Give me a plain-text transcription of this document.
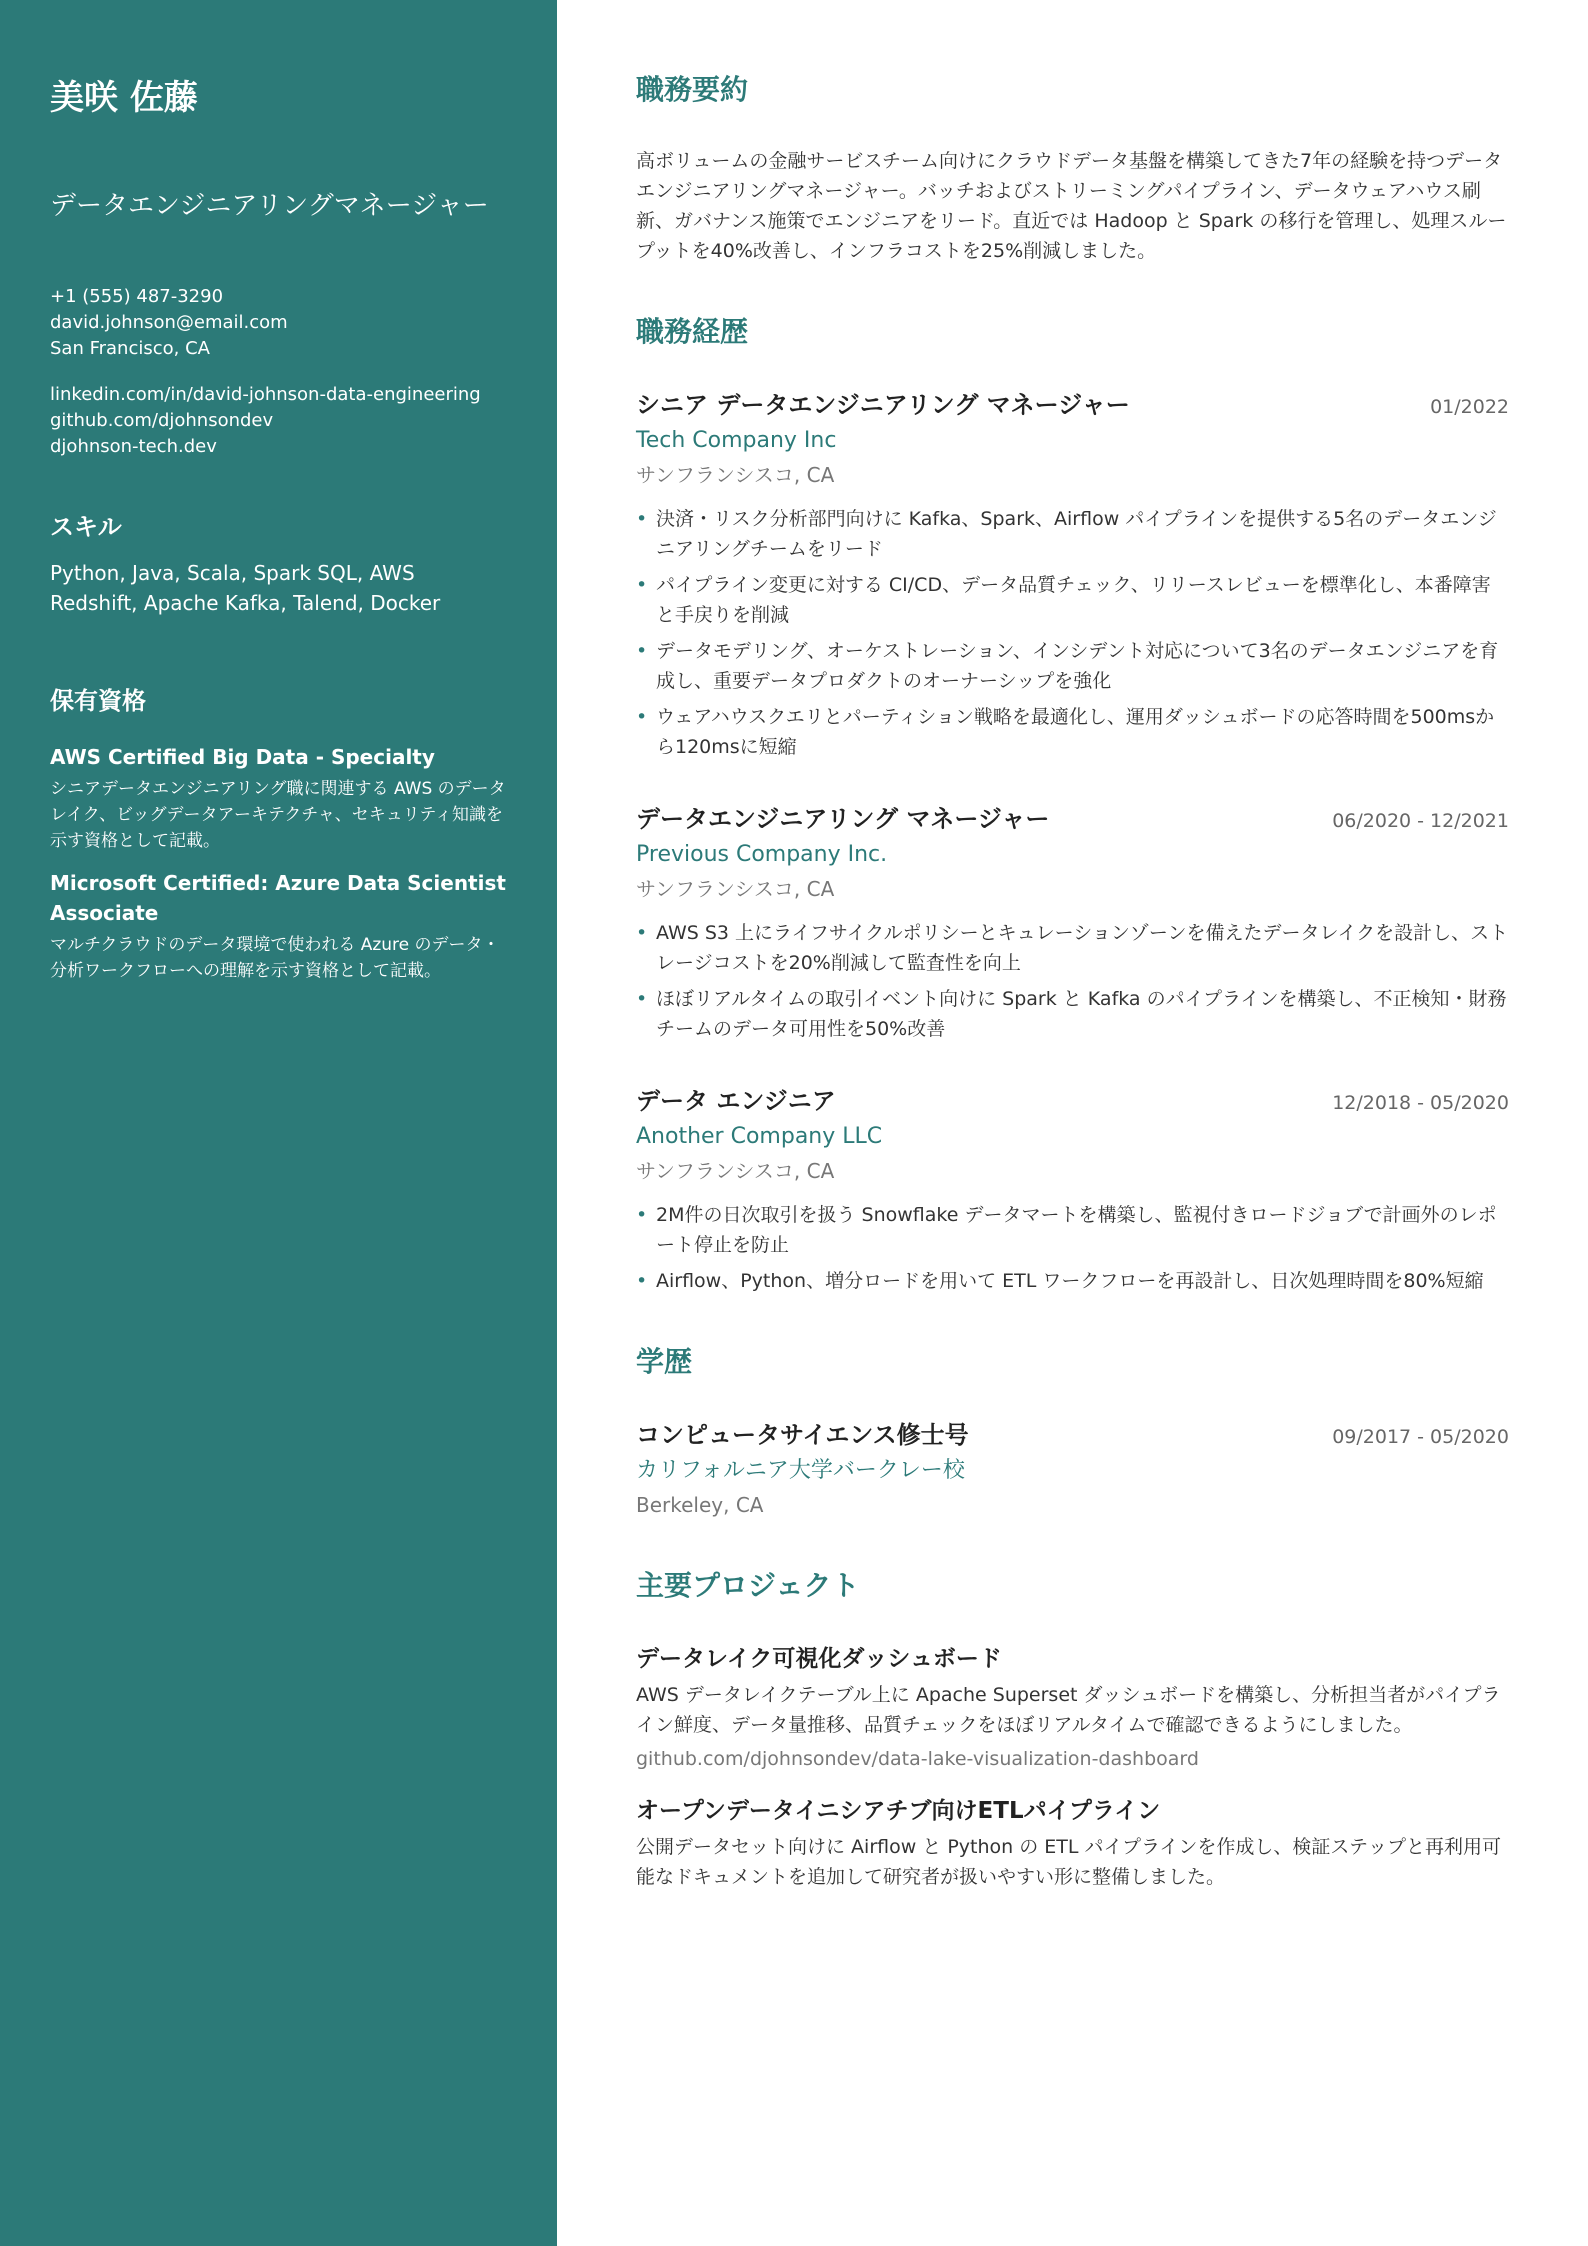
美咲 佐藤
データエンジニアリングマネージャー
+1 (555) 487-3290
david.johnson@email.com
San Francisco, CA
linkedin.com/in/david-johnson-data-engineering
github.com/djohnsondev
djohnson-tech.dev
スキル
Python, Java, Scala, Spark SQL, AWS Redshift, Apache Kafka, Talend, Docker
保有資格
AWS Certified Big Data - Specialty
シニアデータエンジニアリング職に関連する AWS のデータレイク、ビッグデータアーキテクチャ、セキュリティ知識を示す資格として記載。
Microsoft Certified: Azure Data Scientist Associate
マルチクラウドのデータ環境で使われる Azure のデータ・分析ワークフローへの理解を示す資格として記載。
職務要約
高ボリュームの金融サービスチーム向けにクラウドデータ基盤を構築してきた7年の経験を持つデータエンジニアリングマネージャー。バッチおよびストリーミングパイプライン、データウェアハウス刷新、ガバナンス施策でエンジニアをリード。直近では Hadoop と Spark の移行を管理し、処理スループットを40%改善し、インフラコストを25%削減しました。
職務経歴
シニア データエンジニアリング マネージャー	01/2022
Tech Company Inc
サンフランシスコ, CA
• 決済・リスク分析部門向けに Kafka、Spark、Airflow パイプラインを提供する5名のデータエンジニアリングチームをリード
• パイプライン変更に対する CI/CD、データ品質チェック、リリースレビューを標準化し、本番障害と手戻りを削減
• データモデリング、オーケストレーション、インシデント対応について3名のデータエンジニアを育成し、重要データプロダクトのオーナーシップを強化
• ウェアハウスクエリとパーティション戦略を最適化し、運用ダッシュボードの応答時間を500msから120msに短縮
データエンジニアリング マネージャー	06/2020 - 12/2021
Previous Company Inc.
サンフランシスコ, CA
• AWS S3 上にライフサイクルポリシーとキュレーションゾーンを備えたデータレイクを設計し、ストレージコストを20%削減して監査性を向上
• ほぼリアルタイムの取引イベント向けに Spark と Kafka のパイプラインを構築し、不正検知・財務チームのデータ可用性を50%改善
データ エンジニア	12/2018 - 05/2020
Another Company LLC
サンフランシスコ, CA
• 2M件の日次取引を扱う Snowflake データマートを構築し、監視付きロードジョブで計画外のレポート停止を防止
• Airflow、Python、増分ロードを用いて ETL ワークフローを再設計し、日次処理時間を80%短縮
学歴
コンピュータサイエンス修士号	09/2017 - 05/2020
カリフォルニア大学バークレー校
Berkeley, CA
主要プロジェクト
データレイク可視化ダッシュボード
AWS データレイクテーブル上に Apache Superset ダッシュボードを構築し、分析担当者がパイプライン鮮度、データ量推移、品質チェックをほぼリアルタイムで確認できるようにしました。
github.com/djohnsondev/data-lake-visualization-dashboard
オープンデータイニシアチブ向けETLパイプライン
公開データセット向けに Airflow と Python の ETL パイプラインを作成し、検証ステップと再利用可能なドキュメントを追加して研究者が扱いやすい形に整備しました。
